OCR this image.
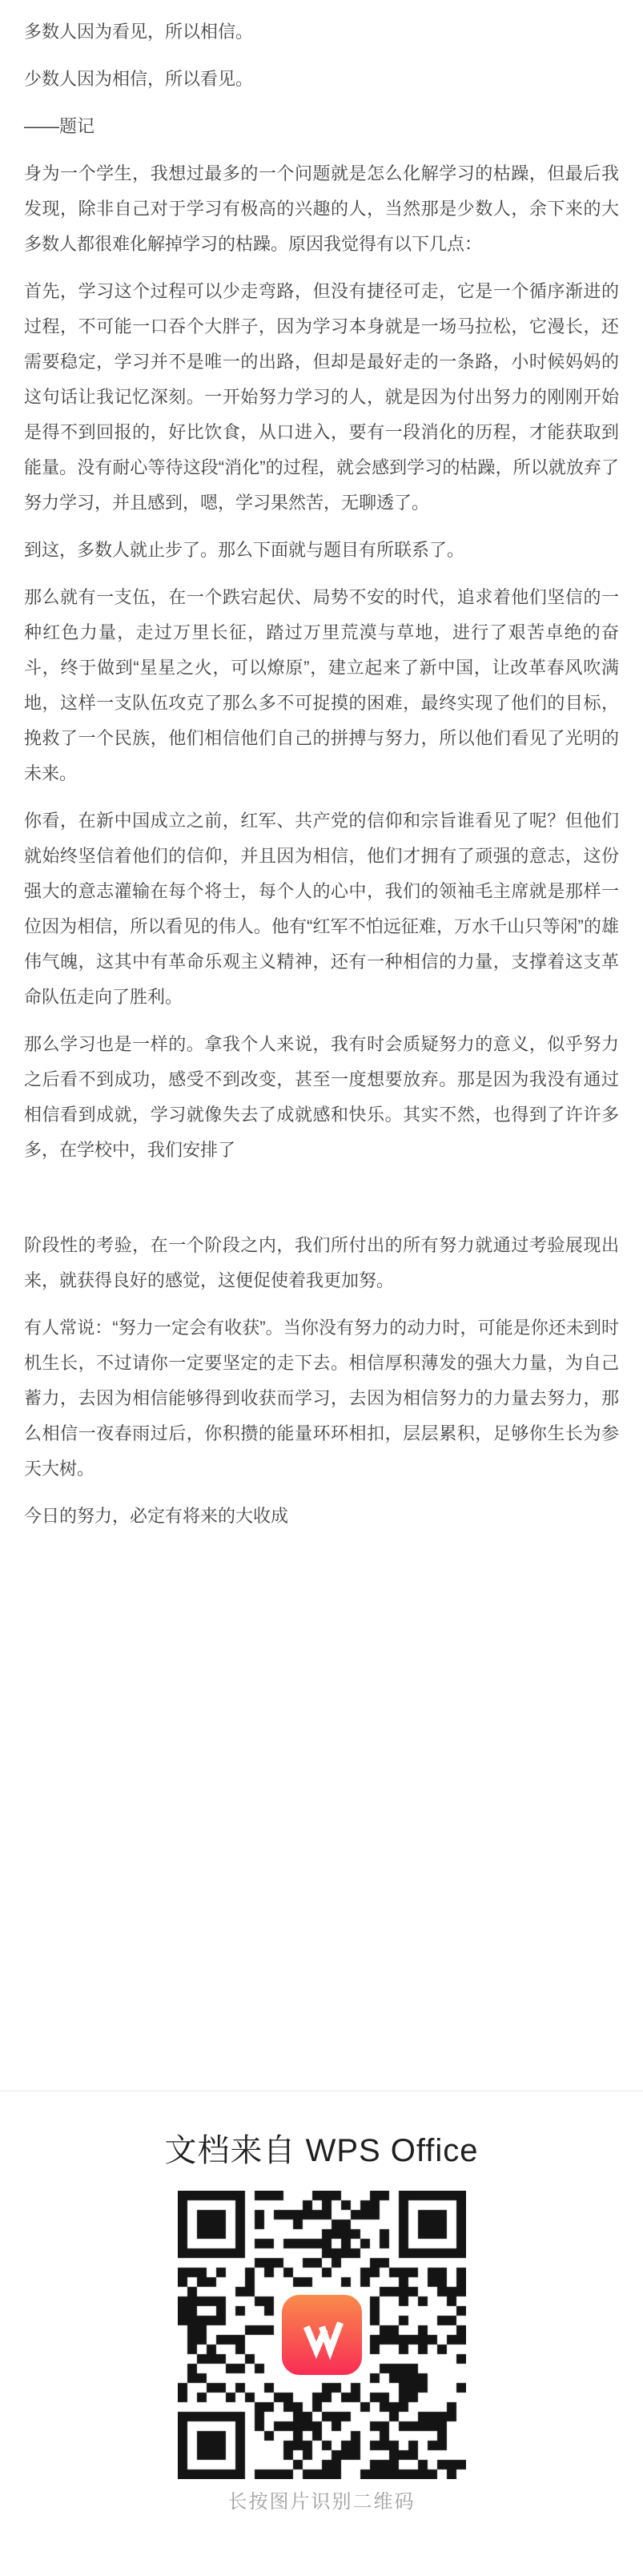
多数人因为看见，所以相信。

少数人因为相信，所以看见。

——题记

身为一个学生，我想过最多的一个问题就是怎么化解学习的枯躁，但最后我发现，除非自己对于学习有极高的兴趣的人，当然那是少数人，余下来的大多数人都很难化解掉学习的枯躁。原因我觉得有以下几点：

首先，学习这个过程可以少走弯路，但没有捷径可走，它是一个循序渐进的过程，不可能一口吞个大胖子，因为学习本身就是一场马拉松，它漫长，还需要稳定，学习并不是唯一的出路，但却是最好走的一条路，小时候妈妈的这句话让我记忆深刻。一开始努力学习的人，就是因为付出努力的刚刚开始是得不到回报的，好比饮食，从口进入，要有一段消化的历程，才能获取到能量。没有耐心等待这段“消化”的过程，就会感到学习的枯躁，所以就放弃了努力学习，并且感到，嗯，学习果然苦，无聊透了。

到这，多数人就止步了。那么下面就与题目有所联系了。

那么就有一支伍，在一个跌宕起伏、局势不安的时代，追求着他们坚信的一种红色力量，走过万里长征，踏过万里荒漠与草地，进行了艰苦卓绝的奋斗，终于做到“星星之火，可以燎原”，建立起来了新中国，让改革春风吹满地，这样一支队伍攻克了那么多不可捉摸的困难，最终实现了他们的目标，挽救了一个民族，他们相信他们自己的拼搏与努力，所以他们看见了光明的未来。

你看，在新中国成立之前，红军、共产党的信仰和宗旨谁看见了呢？但他们就始终坚信着他们的信仰，并且因为相信，他们才拥有了顽强的意志，这份强大的意志灌输在每个将士，每个人的心中，我们的领袖毛主席就是那样一位因为相信，所以看见的伟人。他有“红军不怕远征难，万水千山只等闲”的雄伟气魄，这其中有革命乐观主义精神，还有一种相信的力量，支撑着这支革命队伍走向了胜利。

那么学习也是一样的。拿我个人来说，我有时会质疑努力的意义，似乎努力之后看不到成功，感受不到改变，甚至一度想要放弃。那是因为我没有通过相信看到成就，学习就像失去了成就感和快乐。其实不然，也得到了许许多多，在学校中，我们安排了

阶段性的考验，在一个阶段之内，我们所付出的所有努力就通过考验展现出来，就获得良好的感觉，这便促使着我更加努。

有人常说：“努力一定会有收获”。当你没有努力的动力时，可能是你还未到时机生长，不过请你一定要坚定的走下去。相信厚积薄发的强大力量，为自己蓄力，去因为相信能够得到收获而学习，去因为相信努力的力量去努力，那么相信一夜春雨过后，你积攒的能量环环相扣，层层累积，足够你生长为参天大树。

今日的努力，必定有将来的大收成

文档来自 WPS Office
长按图片识别二维码
